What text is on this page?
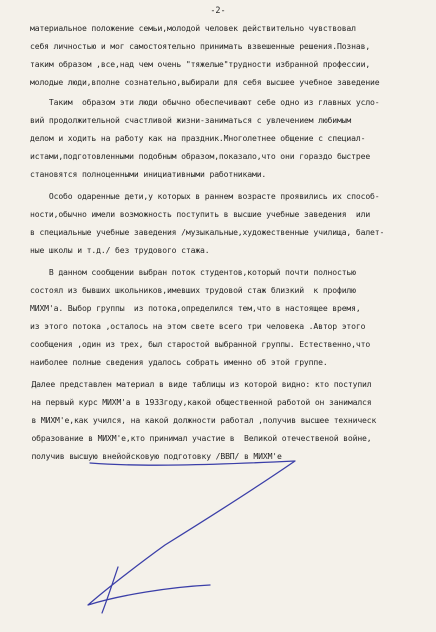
-2-
материальное положение семьи,молодой человек действительно чувствовал
себя личностью и мог самостоятельно принимать взвешенные решения.Познав,
таким образом ,все,над чем очень "тяжелые"трудности избранной профессии,
молодые люди,вполне сознательно,выбирали для себя высшее учебное заведение
Таким  образом эти люди обычно обеспечивают себе одно из главных усло-
вий продолжительной счастливой жизни-заниматься с увлечением любимым
делом и ходить на работу как на праздник.Многолетнее общение с специал-
истами,подготовленными подобным образом,показало,что они гораздо быстрее
становятся полноценными инициативными работниками.
Особо одаренные дети,у которых в раннем возрасте проявились их способ-
ности,обычно имели возможность поступить в высшие учебные заведения  или
в специальные учебные заведения /музыкальные,художественные училища, балет-
ные школы и т.д./ без трудового стажа.
В данном сообщении выбран поток студентов,который почти полностью
состоял из бывших школьников,имевших трудовой стаж близкий  к профилю
МИХМ'а. Выбор группы  из потока,определился тем,что в настоящее время,
из этого потока ,осталось на этом свете всего три человека .Автор этого
сообщения ,один из трех, был старостой выбранной группы. Естественно,что
наиболее полные сведения удалось собрать именно об этой группе.
Далее представлен материал в виде таблицы из которой видно: кто поступил
на первый курс МИХМ'а в 1933году,какой общественной работой он занимался
в МИХМ'е,как учился, на какой должности работал ,получив высшее техническ
образование в МИХМ'е,кто принимал участие в  Великой отечественой войне,
получив высшую внейойсковую подготовку /ВВП/ в МИХМ'е
